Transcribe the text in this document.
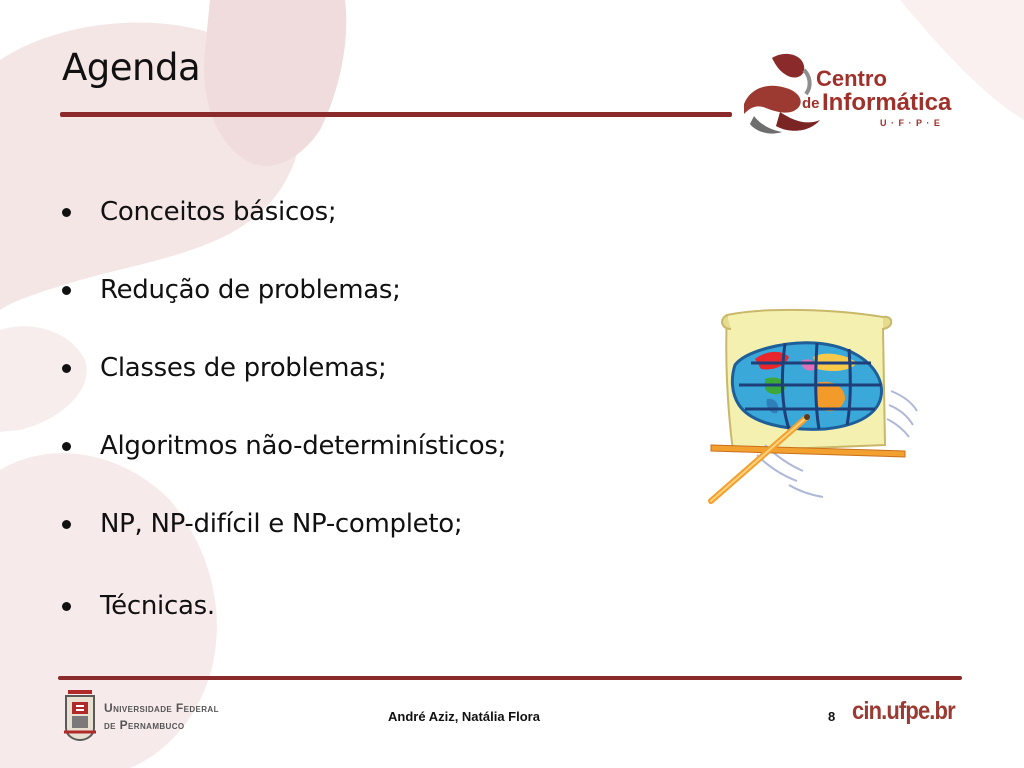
Agenda	Centro
de Informática
U · F · P · E
Conceitos básicos;
Redução de problemas;
Classes de problemas;
Algoritmos não-determinísticos;
NP, NP-difícil e NP-completo;
Técnicas.
Universidade Federal
de Pernambuco
André Aziz, Natália Flora	8 cin.ufpe.br
